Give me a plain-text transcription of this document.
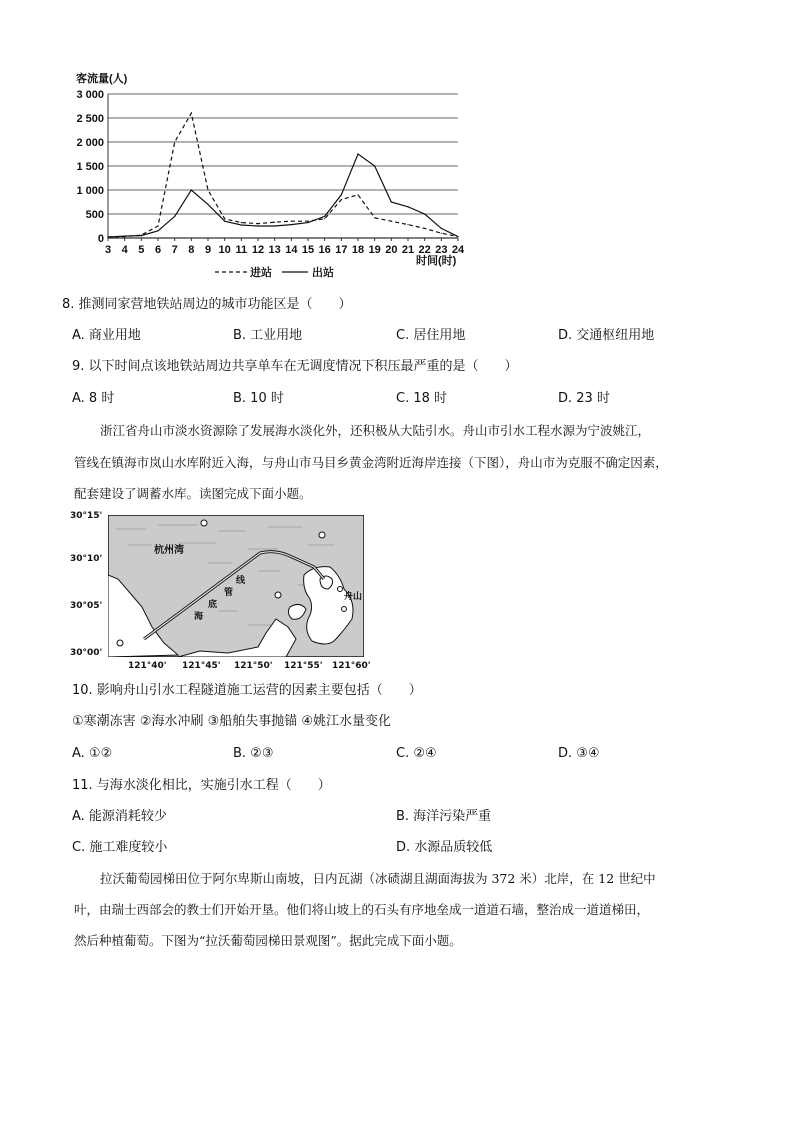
客流量(人)
0
500
1 000
1 500
2 000
2 500
3 000
3 4 5 6 7 8 9 10 11 12 13 14 15 16 17 18 19 20 21 22 23 24
时间(时)
进站	出站
8. 推测同家营地铁站周边的城市功能区是（　　）
A. 商业用地	B. 工业用地	C. 居住用地	D. 交通枢纽用地
9. 以下时间点该地铁站周边共享单车在无调度情况下积压最严重的是（　　）
A. 8 时	B. 10 时	C. 18 时	D. 23 时
浙江省舟山市淡水资源除了发展海水淡化外，还积极从大陆引水。舟山市引水工程水源为宁波姚江，
管线在镇海市岚山水库附近入海，与舟山市马目乡黄金湾附近海岸连接（下图），舟山市为克服不确定因素，
配套建设了调蓄水库。读图完成下面小题。
30°15'
30°10'
30°05'
30°00'
杭州湾
舟山
线
管
底
海
121°40' 121°45' 121°50' 121°55' 121°60'
10. 影响舟山引水工程隧道施工运营的因素主要包括（　　）
①寒潮冻害 ②海水冲刷 ③船舶失事抛锚 ④姚江水量变化
A. ①②	B. ②③	C. ②④	D. ③④
11. 与海水淡化相比，实施引水工程（　　）
A. 能源消耗较少	B. 海洋污染严重
C. 施工难度较小	D. 水源品质较低
拉沃葡萄园梯田位于阿尔卑斯山南坡，日内瓦湖（冰碛湖且湖面海拔为 372 米）北岸，在 12 世纪中
叶，由瑞士西部会的教士们开始开垦。他们将山坡上的石头有序地垒成一道道石墙，整治成一道道梯田，
然后种植葡萄。下图为“拉沃葡萄园梯田景观图”。据此完成下面小题。
